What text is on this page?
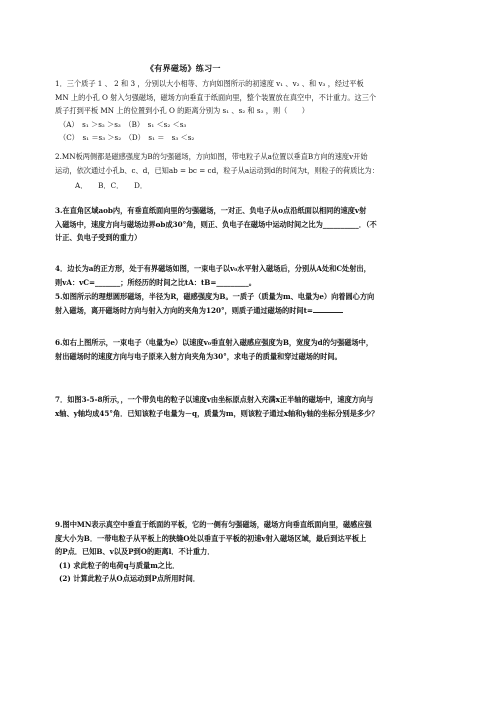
《有界磁场》练习一

1．三个质子 1 、 2 和 3 ，分别以大小相等、方向如图所示的初速度 v₁ 、v₂ 、和 v₃ ，经过平板

MN 上的小孔 O 射入匀强磁场，磁场方向垂直于纸面向里，整个装置放在真空中，不计重力。这三个

质子打到平板 MN 上的位置到小孔 O 的距离分别为 s₁ 、s₂ 和 s₃ ，则（　　）

（A）　s₁ ＞s₂ ＞s₃　（B）　s₁ ＜s₂ ＜s₃

（C）　s₁ ＝s₃ ＞s₂　（D）　s₁ ＝　s₃ ＜s₂

2.MN板两侧都是磁感强度为B的匀强磁场，方向如图，带电粒子从a位置以垂直B方向的速度v开始

运动，依次通过小孔b、c、d，已知ab = bc = cd，粒子从a运动到d的时间为t，则粒子的荷质比为：

A．　　B．C．　　D．

3.在直角区域aob内，有垂直纸面向里的匀强磁场，一对正、负电子从o点沿纸面以相同的速度v射

入磁场中，速度方向与磁场边界ob成30°角，则正、负电子在磁场中运动时间之比为__________．（不

计正、负电子受到的重力）

4．边长为a的正方形，处于有界磁场如图，一束电子以v₀水平射入磁场后，分别从A处和C处射出，

则vA：vC=_______；所经历的时间之比tA：tB=_________。

5.如图所示的理想圆形磁场，半径为R，磁感强度为B。一质子（质量为m、电量为e）向着圆心方向

射入磁场，离开磁场时方向与射入方向的夹角为120°，则质子通过磁场的时间t=

6.如右上图所示，一束电子（电量为e）以速度v₀垂直射入磁感应强度为B，宽度为d的匀强磁场中，

射出磁场时的速度方向与电子原来入射方向夹角为30°，求电子的质量和穿过磁场的时间。

7．如图3-5-8所示，，一个带负电的粒子以速度v由坐标原点射入充满x正半轴的磁场中，速度方向与

x轴、y轴均成45°角．已知该粒子电量为－q，质量为m，则该粒子通过x轴和y轴的坐标分别是多少？

9.图中MN表示真空中垂直于纸面的平板，它的一侧有匀强磁场，磁场方向垂直纸面向里，磁感应强

度大小为B．一带电粒子从平板上的狭缝O处以垂直于平板的初速v射入磁场区域，最后到达平板上

的P点．已知B、v以及P到O的距离l．不计重力．

(1) 求此粒子的电荷q与质量m之比．

(2) 计算此粒子从O点运动到P点所用时间．
